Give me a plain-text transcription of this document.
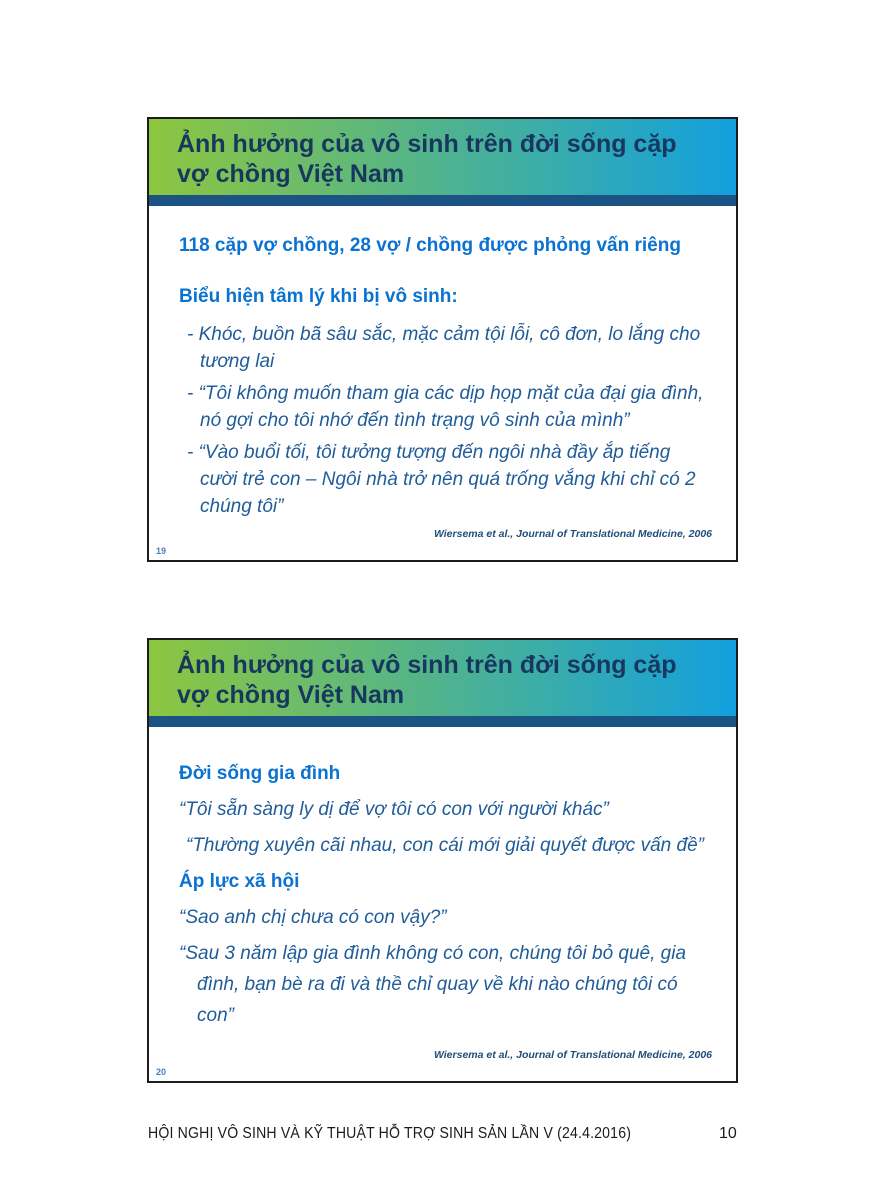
Ảnh hưởng của vô sinh trên đời sống cặp
vợ chồng Việt Nam

118 cặp vợ chồng, 28 vợ / chồng được phỏng vấn riêng

Biểu hiện tâm lý khi bị vô sinh:

- Khóc, buồn bã sâu sắc, mặc cảm tội lỗi, cô đơn, lo lắng cho tương lai

- “Tôi không muốn tham gia các dịp họp mặt của đại gia đình, nó gợi cho tôi nhớ đến tình trạng vô sinh của mình”

- “Vào buổi tối, tôi tưởng tượng đến ngôi nhà đầy ắp tiếng cười trẻ con – Ngôi nhà trở nên quá trống vắng khi chỉ có 2 chúng tôi”

Wiersema et al., Journal of Translational Medicine, 2006
19
Ảnh hưởng của vô sinh trên đời sống cặp
vợ chồng Việt Nam

Đời sống gia đình

“Tôi sẵn sàng ly dị để vợ tôi có con với người khác”

“Thường xuyên cãi nhau, con cái mới giải quyết được vấn đề”

Áp lực xã hội

“Sao anh chị chưa có con vậy?”

“Sau 3 năm lập gia đình không có con, chúng tôi bỏ quê, gia đình, bạn bè ra đi và thề chỉ quay về khi nào chúng tôi có con”

Wiersema et al., Journal of Translational Medicine, 2006
20
HỘI NGHỊ VÔ SINH VÀ KỸ THUẬT HỖ TRỢ SINH SẢN LẦN V (24.4.2016)	10
